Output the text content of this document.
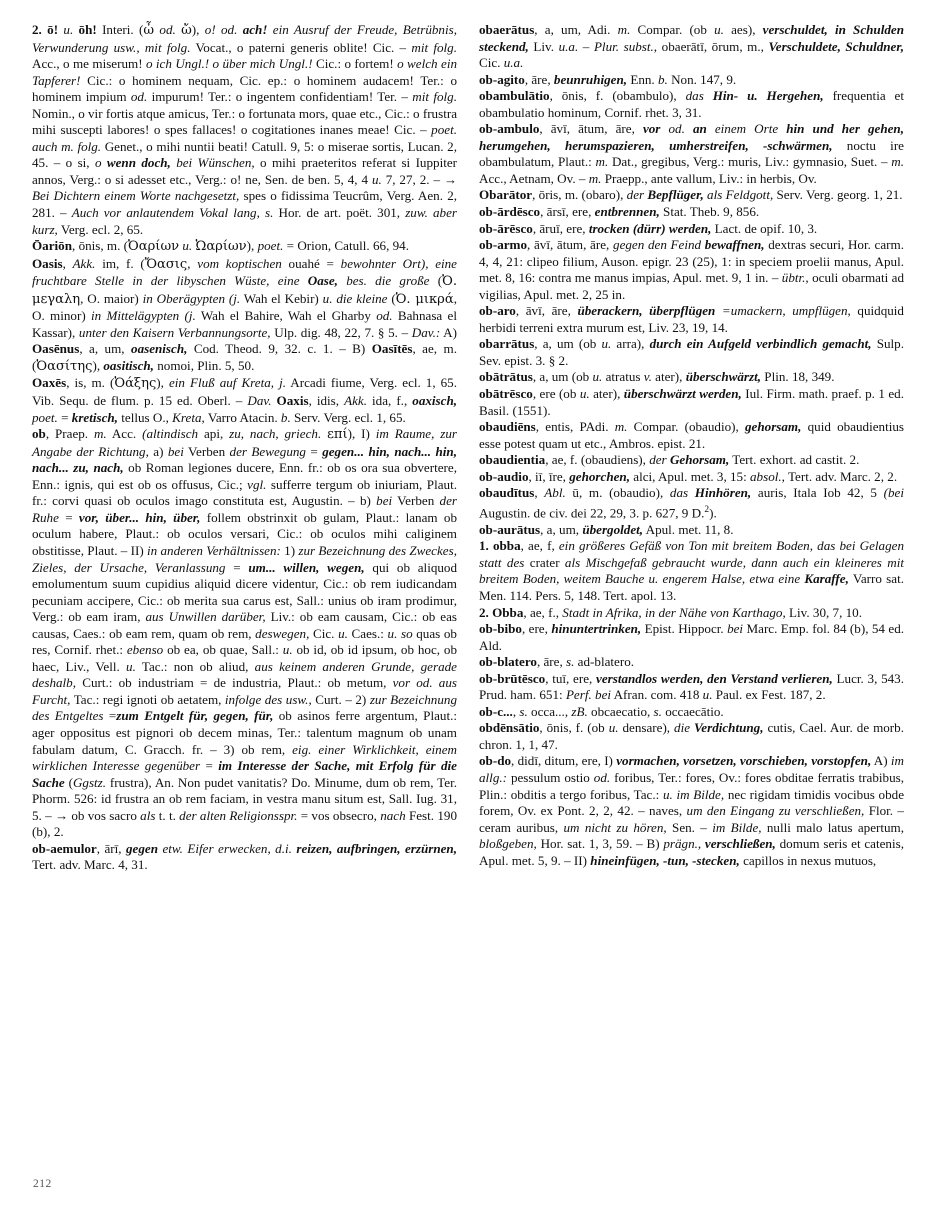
2. ō! u. ōh! Interi. (ὦ od. ὤ), o! od. ach! ein Ausruf der Freude, Betrübnis, Verwunderung usw., mit folg. Vocat., o paterni generis oblite! Cic. – mit folg. Acc., o me miserum! o ich Ungl.! o über mich Ungl.! Cic.: o fortem! o welch ein Tapferer! Cic.: o hominem nequam, Cic. ep.: o hominem audacem! Ter.: o hominem impium od. impurum! Ter.: o ingentem confidentiam! Ter. – mit folg. Nomin., o vir fortis atque amicus, Ter.: o fortunata mors, quae etc., Cic.: o frustra mihi suscepti labores! o spes fallaces! o cogitationes inanes meae! Cic. – poet. auch m. folg. Genet., o mihi nuntii beati! Catull. 9, 5: o miserae sortis, Lucan. 2, 45. – o si, o wenn doch, bei Wünschen, o mihi praeteritos referat si Iuppiter annos, Verg.: o si adesset etc., Verg.: o! ne, Sen. de ben. 5, 4, 4 u. 7, 27, 2. – → Bei Dichtern einem Worte nachgesetzt, spes o fidissima Teucrûm, Verg. Aen. 2, 281. – Auch vor anlautendem Vokal lang, s. Hor. de art. poët. 301, zuw. aber kurz, Verg. ecl. 2, 65.

Ōariōn, ōnis, m. (Ὀαρίων u. Ὠαρίων), poet. = Orion, Catull. 66, 94.

Oasis, Akk. im, f. (Ὄασις, vom koptischen ouahé = bewohnter Ort), eine fruchtbare Stelle in der libyschen Wüste, eine Oase, bes. die große (Ὀ. μεγαλη, O. maior) in Oberägypten (j. Wah el Kebir) u. die kleine (Ὀ. μικρά, O. minor) in Mittelägypten (j. Wah el Bahire, Wah el Gharby od. Bahnasa el Kassar), unter den Kaisern Verbannungsorte, Ulp. dig. 48, 22, 7. § 5. – Dav.: A) Oasēnus, a, um, oasenisch, Cod. Theod. 9, 32. c. 1. – B) Oasītēs, ae, m. (Ὀασίτης), oasitisch, nomoi, Plin. 5, 50.

Oaxēs, is, m. (Ὀάξης), ein Fluß auf Kreta, j. Arcadi fiume, Verg. ecl. 1, 65. Vib. Sequ. de flum. p. 15 ed. Oberl. – Dav. Oaxis, idis, Akk. ida, f., oaxisch, poet. = kretisch, tellus O., Kreta, Varro Atacin. b. Serv. Verg. ecl. 1, 65.

ob, Praep. m. Acc. (altindisch api, zu, nach, griech. επί), I) im Raume, zur Angabe der Richtung, a) bei Verben der Bewegung = gegen... hin, nach... hin, nach... zu, nach, ob Roman legiones ducere, Enn. fr.: ob os ora sua obvertere, Enn.: ignis, qui est ob os offusus, Cic.; vgl. sufferre tergum ob iniuriam, Plaut. fr.: corvi quasi ob oculos imago constituta est, Augustin. – b) bei Verben der Ruhe = vor, über... hin, über, follem obstrinxit ob gulam, Plaut.: lanam ob oculum habere, Plaut.: ob oculos versari, Cic.: ob oculos mihi caliginem obstitisse, Plaut. – II) in anderen Verhältnissen: 1) zur Bezeichnung des Zweckes, Zieles, der Ursache, Veranlassung = um... willen, wegen, qui ob aliquod emolumentum suum cupidius aliquid dicere videntur, Cic.: ob rem iudicandam pecuniam accipere, Cic.: ob merita sua carus est, Sall.: unius ob iram prodimur, Verg.: ob eam iram, aus Unwillen darüber, Liv.: ob eam causam, Cic.: ob eas causas, Caes.: ob eam rem, quam ob rem, deswegen, Cic. u. Caes.: u. so quas ob res, Cornif. rhet.: ebenso ob ea, ob quae, Sall.: u. ob id, ob id ipsum, ob hoc, ob haec, Liv., Vell. u. Tac.: non ob aliud, aus keinem anderen Grunde, gerade deshalb, Curt.: ob industriam = de industria, Plaut.: ob metum, vor od. aus Furcht, Tac.: regi ignoti ob aetatem, infolge des usw., Curt. – 2) zur Bezeichnung des Entgeltes =zum Entgelt für, gegen, für, ob asinos ferre argentum, Plaut.: ager oppositus est pignori ob decem minas, Ter.: talentum magnum ob unam fabulam datum, C. Gracch. fr. – 3) ob rem, eig. einer Wirklichkeit, einem wirklichen Interesse gegenüber = im Interesse der Sache, mit Erfolg für die Sache (Ggstz. frustra), An. Non pudet vanitatis? Do. Minume, dum ob rem, Ter. Phorm. 526: id frustra an ob rem faciam, in vestra manu situm est, Sall. Iug. 31, 5. – → ob vos sacro als t. t. der alten Religionsspr. = vos obsecro, nach Fest. 190 (b), 2.

ob-aemulor, ārī, gegen etw. Eifer erwecken, d.i. reizen, aufbringen, erzürnen, Tert. adv. Marc. 4, 31.

obaerātus, a, um, Adi. m. Compar. (ob u. aes), verschuldet, in Schulden steckend, Liv. u.a. – Plur. subst., obaerātī, ōrum, m., Verschuldete, Schuldner, Cic. u.a.

ob-agito, āre, beunruhigen, Enn. b. Non. 147, 9.

obambulātio, ōnis, f. (obambulo), das Hin- u. Hergehen, frequentia et obambulatio hominum, Cornif. rhet. 3, 31.

ob-ambulo, āvī, ātum, āre, vor od. an einem Orte hin und her gehen, herumgehen, herumspazieren, umherstreifen, -schwärmen, noctu ire obambulatum, Plaut.: m. Dat., gregibus, Verg.: muris, Liv.: gymnasio, Suet. – m. Acc., Aetnam, Ov. – m. Praepp., ante vallum, Liv.: in herbis, Ov.

Obarātor, ōris, m. (obaro), der Bepflüger, als Feldgott, Serv. Verg. georg. 1, 21.

ob-ārdēsco, ārsī, ere, entbrennen, Stat. Theb. 9, 856.

ob-ārēsco, āruī, ere, trocken (dürr) werden, Lact. de opif. 10, 3.

ob-armo, āvī, ātum, āre, gegen den Feind bewaffnen, dextras securi, Hor. carm. 4, 4, 21: clipeo filium, Auson. epigr. 23 (25), 1: in speciem proelii manus, Apul. met. 8, 16: contra me manus impias, Apul. met. 9, 1 in. – übtr., oculi obarmati ad vigilias, Apul. met. 2, 25 in.

ob-aro, āvī, āre, überackern, überpflügen =umackern, umpflügen, quidquid herbidi terreni extra murum est, Liv. 23, 19, 14.

obarrātus, a, um (ob u. arra), durch ein Aufgeld verbindlich gemacht, Sulp. Sev. epist. 3. § 2.

obātrātus, a, um (ob u. atratus v. ater), überschwärzt, Plin. 18, 349.

obātrēsco, ere (ob u. ater), überschwärzt werden, Iul. Firm. math. praef. p. 1 ed. Basil. (1551).

obaudiēns, entis, PAdi. m. Compar. (obaudio), gehorsam, quid obaudientius esse potest quam ut etc., Ambros. epist. 21.

obaudientia, ae, f. (obaudiens), der Gehorsam, Tert. exhort. ad castit. 2.

ob-audio, iī, īre, gehorchen, alci, Apul. met. 3, 15: absol., Tert. adv. Marc. 2, 2.

obaudītus, Abl. ū, m. (obaudio), das Hinhören, auris, Itala Iob 42, 5 (bei Augustin. de civ. dei 22, 29, 3. p. 627, 9 D.$^2$).

ob-aurātus, a, um, übergoldet, Apul. met. 11, 8.

1. obba, ae, f, ein größeres Gefäß von Ton mit breitem Boden, das bei Gelagen statt des crater als Mischgefaß gebraucht wurde, dann auch ein kleineres mit breitem Boden, weitem Bauche u. engerem Halse, etwa eine Karaffe, Varro sat. Men. 114. Pers. 5, 148. Tert. apol. 13.

2. Obba, ae, f., Stadt in Afrika, in der Nähe von Karthago, Liv. 30, 7, 10.

ob-bibo, ere, hinuntertrinken, Epist. Hippocr. bei Marc. Emp. fol. 84 (b), 54 ed. Ald.

ob-blatero, āre, s. ad-blatero.

ob-brūtēsco, tuī, ere, verstandlos werden, den Verstand verlieren, Lucr. 3, 543. Prud. ham. 651: Perf. bei Afran. com. 418 u. Paul. ex Fest. 187, 2.

ob-c..., s. occa..., zB. obcaecatio, s. occaecātio.

obdēnsātio, ōnis, f. (ob u. densare), die Verdichtung, cutis, Cael. Aur. de morb. chron. 1, 1, 47.

ob-do, didī, ditum, ere, I) vormachen, vorsetzen, vorschieben, vorstopfen, A) im allg.: pessulum ostio od. foribus, Ter.: fores, Ov.: fores obditae ferratis trabibus, Plin.: obditis a tergo foribus, Tac.: u. im Bilde, nec rigidam timidis vocibus obde forem, Ov. ex Pont. 2, 2, 42. – naves, um den Eingang zu verschließen, Flor. – ceram auribus, um nicht zu hören, Sen. – im Bilde, nulli malo latus apertum, bloßgeben, Hor. sat. 1, 3, 59. – B) prägn., verschließen, domum seris et catenis, Apul. met. 5, 9. – II) hineinfügen, -tun, -stecken, capillos in nexus mutuos,

212
